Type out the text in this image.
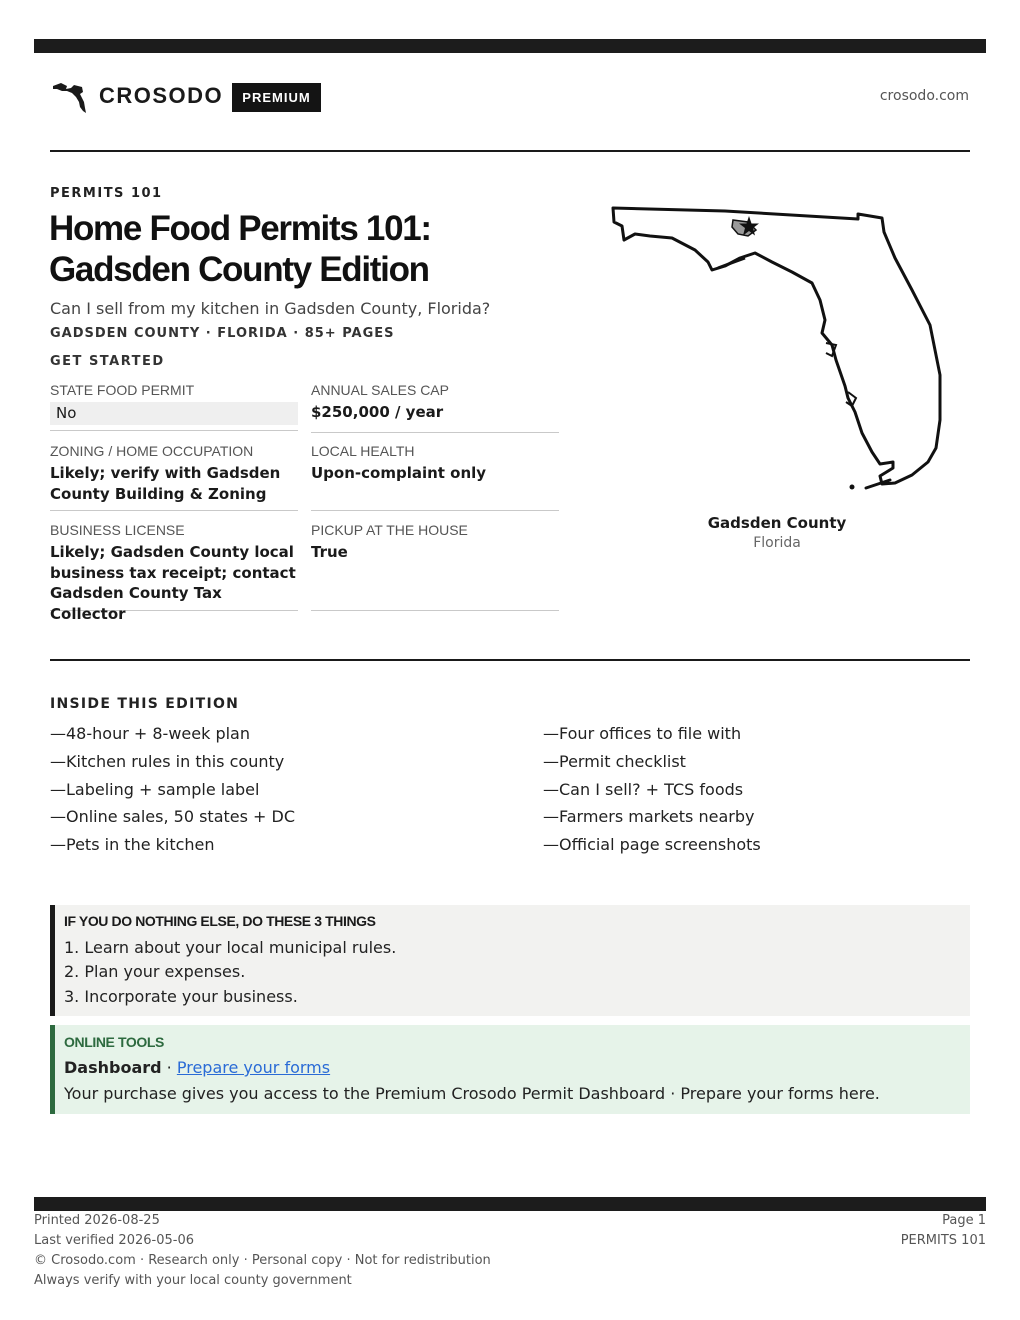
CROSODO	PREMIUM	crosodo.com
PERMITS 101
Home Food Permits 101:
Gadsden County Edition
Can I sell from my kitchen in Gadsden County, Florida?
GADSDEN COUNTY · FLORIDA · 85+ PAGES
GET STARTED
STATE FOOD PERMIT
No
ANNUAL SALES CAP
$250,000 / year
ZONING / HOME OCCUPATION
Likely; verify with Gadsden County Building & Zoning
LOCAL HEALTH
Upon-complaint only
BUSINESS LICENSE
Likely; Gadsden County local business tax receipt; contact Gadsden County Tax Collector
PICKUP AT THE HOUSE
True
Gadsden County
Florida
INSIDE THIS EDITION
—48-hour + 8-week plan
—Kitchen rules in this county
—Labeling + sample label
—Online sales, 50 states + DC
—Pets in the kitchen
—Four offices to file with
—Permit checklist
—Can I sell? + TCS foods
—Farmers markets nearby
—Official page screenshots
IF YOU DO NOTHING ELSE, DO THESE 3 THINGS
1. Learn about your local municipal rules.
2. Plan your expenses.
3. Incorporate your business.
ONLINE TOOLS
Dashboard · Prepare your forms
Your purchase gives you access to the Premium Crosodo Permit Dashboard · Prepare your forms here.
Printed 2026-08-25
Last verified 2026-05-06
© Crosodo.com · Research only · Personal copy · Not for redistribution
Always verify with your local county government
Page 1
PERMITS 101
